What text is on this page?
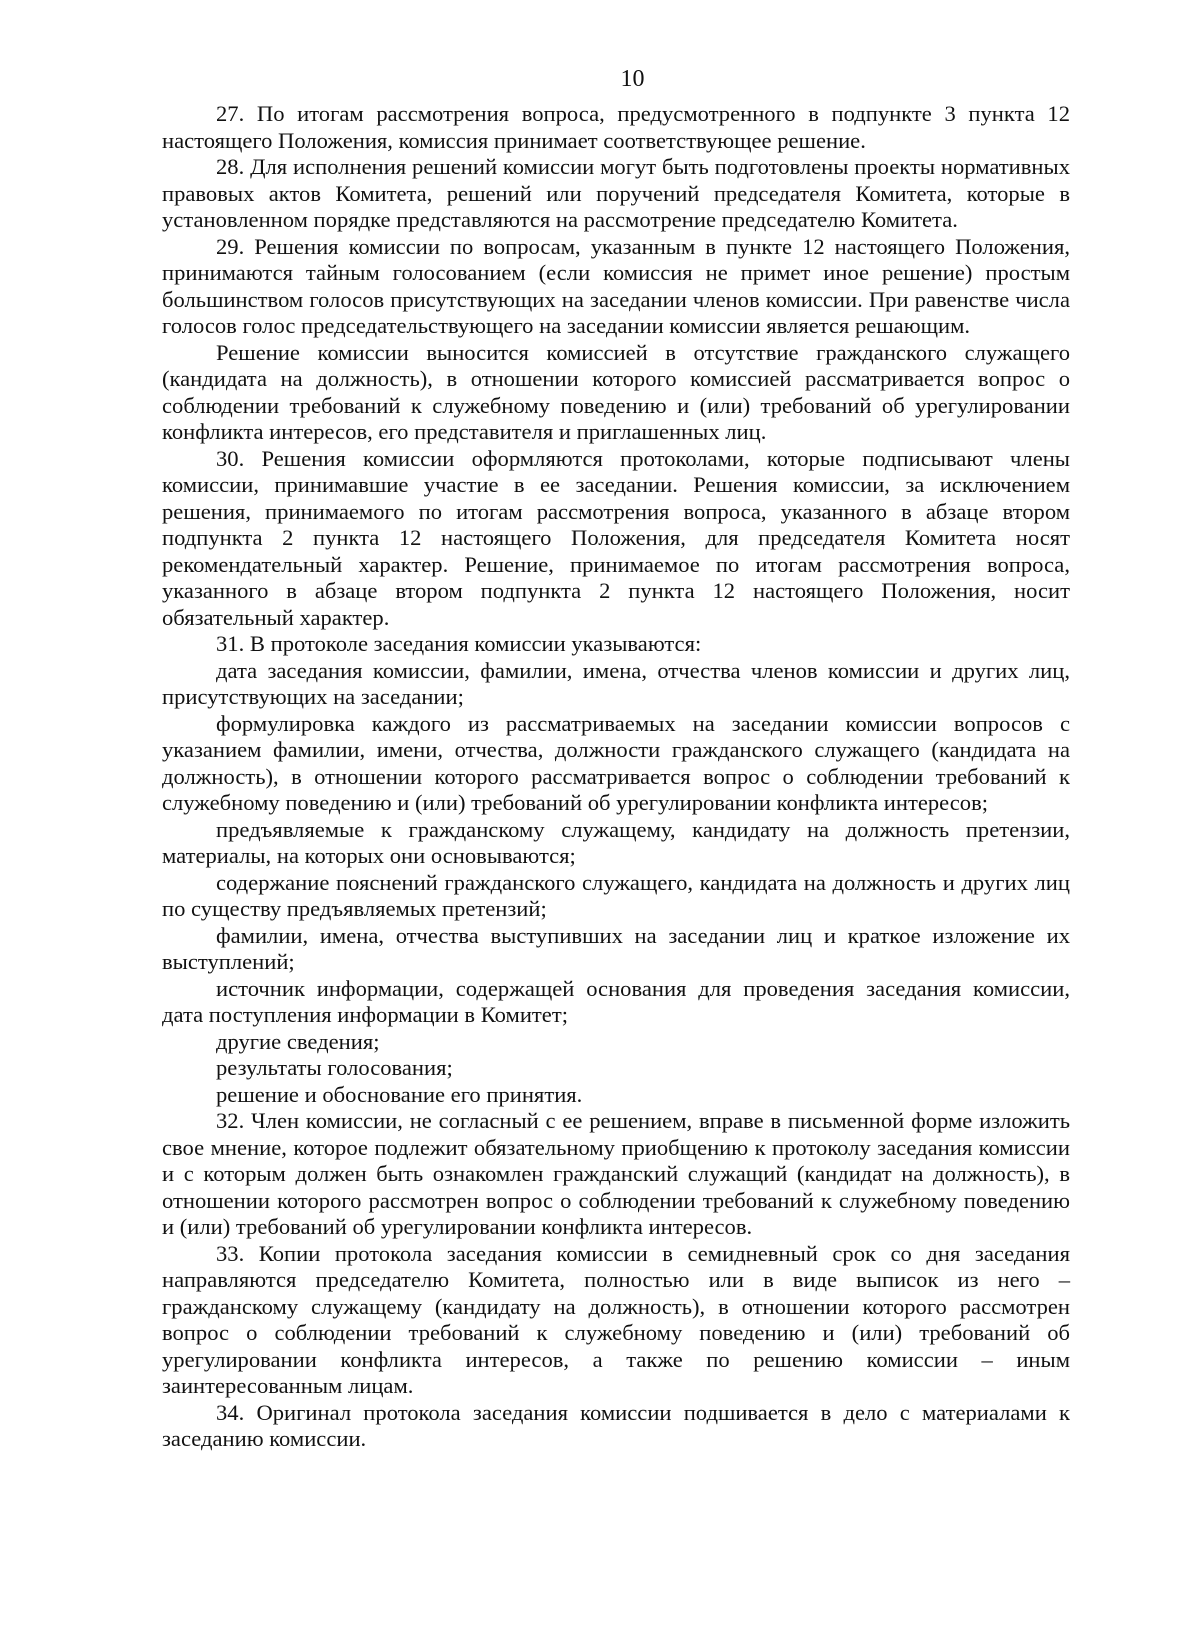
10

27. По итогам рассмотрения вопроса, предусмотренного в подпункте 3 пункта 12 настоящего Положения, комиссия принимает соответствующее решение.

28. Для исполнения решений комиссии могут быть подготовлены проекты нормативных правовых актов Комитета, решений или поручений председателя Комитета, которые в установленном порядке представляются на рассмотрение председателю Комитета.

29. Решения комиссии по вопросам, указанным в пункте 12 настоящего Положения, принимаются тайным голосованием (если комиссия не примет иное решение) простым большинством голосов присутствующих на заседании членов комиссии. При равенстве числа голосов голос председательствующего на заседании комиссии является решающим.

Решение комиссии выносится комиссией в отсутствие гражданского служащего (кандидата на должность), в отношении которого комиссией рассматривается вопрос о соблюдении требований к служебному поведению и (или) требований об урегулировании конфликта интересов, его представителя и приглашенных лиц.

30. Решения комиссии оформляются протоколами, которые подписывают члены комиссии, принимавшие участие в ее заседании. Решения комиссии, за исключением решения, принимаемого по итогам рассмотрения вопроса, указанного в абзаце втором подпункта 2 пункта 12 настоящего Положения, для председателя Комитета носят рекомендательный характер. Решение, принимаемое по итогам рассмотрения вопроса, указанного в абзаце втором подпункта 2 пункта 12 настоящего Положения, носит обязательный характер.

31. В протоколе заседания комиссии указываются:

дата заседания комиссии, фамилии, имена, отчества членов комиссии и других лиц, присутствующих на заседании;

формулировка каждого из рассматриваемых на заседании комиссии вопросов с указанием фамилии, имени, отчества, должности гражданского служащего (кандидата на должность), в отношении которого рассматривается вопрос о соблюдении требований к служебному поведению и (или) требований об урегулировании конфликта интересов;

предъявляемые к гражданскому служащему, кандидату на должность претензии, материалы, на которых они основываются;

содержание пояснений гражданского служащего, кандидата на должность и других лиц по существу предъявляемых претензий;

фамилии, имена, отчества выступивших на заседании лиц и краткое изложение их выступлений;

источник информации, содержащей основания для проведения заседания комиссии, дата поступления информации в Комитет;

другие сведения;

результаты голосования;

решение и обоснование его принятия.

32. Член комиссии, не согласный с ее решением, вправе в письменной форме изложить свое мнение, которое подлежит обязательному приобщению к протоколу заседания комиссии и с которым должен быть ознакомлен гражданский служащий (кандидат на должность), в отношении которого рассмотрен вопрос о соблюдении требований к служебному поведению и (или) требований об урегулировании конфликта интересов.

33. Копии протокола заседания комиссии в семидневный срок со дня заседания направляются председателю Комитета, полностью или в виде выписок из него – гражданскому служащему (кандидату на должность), в отношении которого рассмотрен вопрос о соблюдении требований к служебному поведению и (или) требований об урегулировании конфликта интересов, а также по решению комиссии – иным заинтересованным лицам.

34. Оригинал протокола заседания комиссии подшивается в дело с материалами к заседанию комиссии.
